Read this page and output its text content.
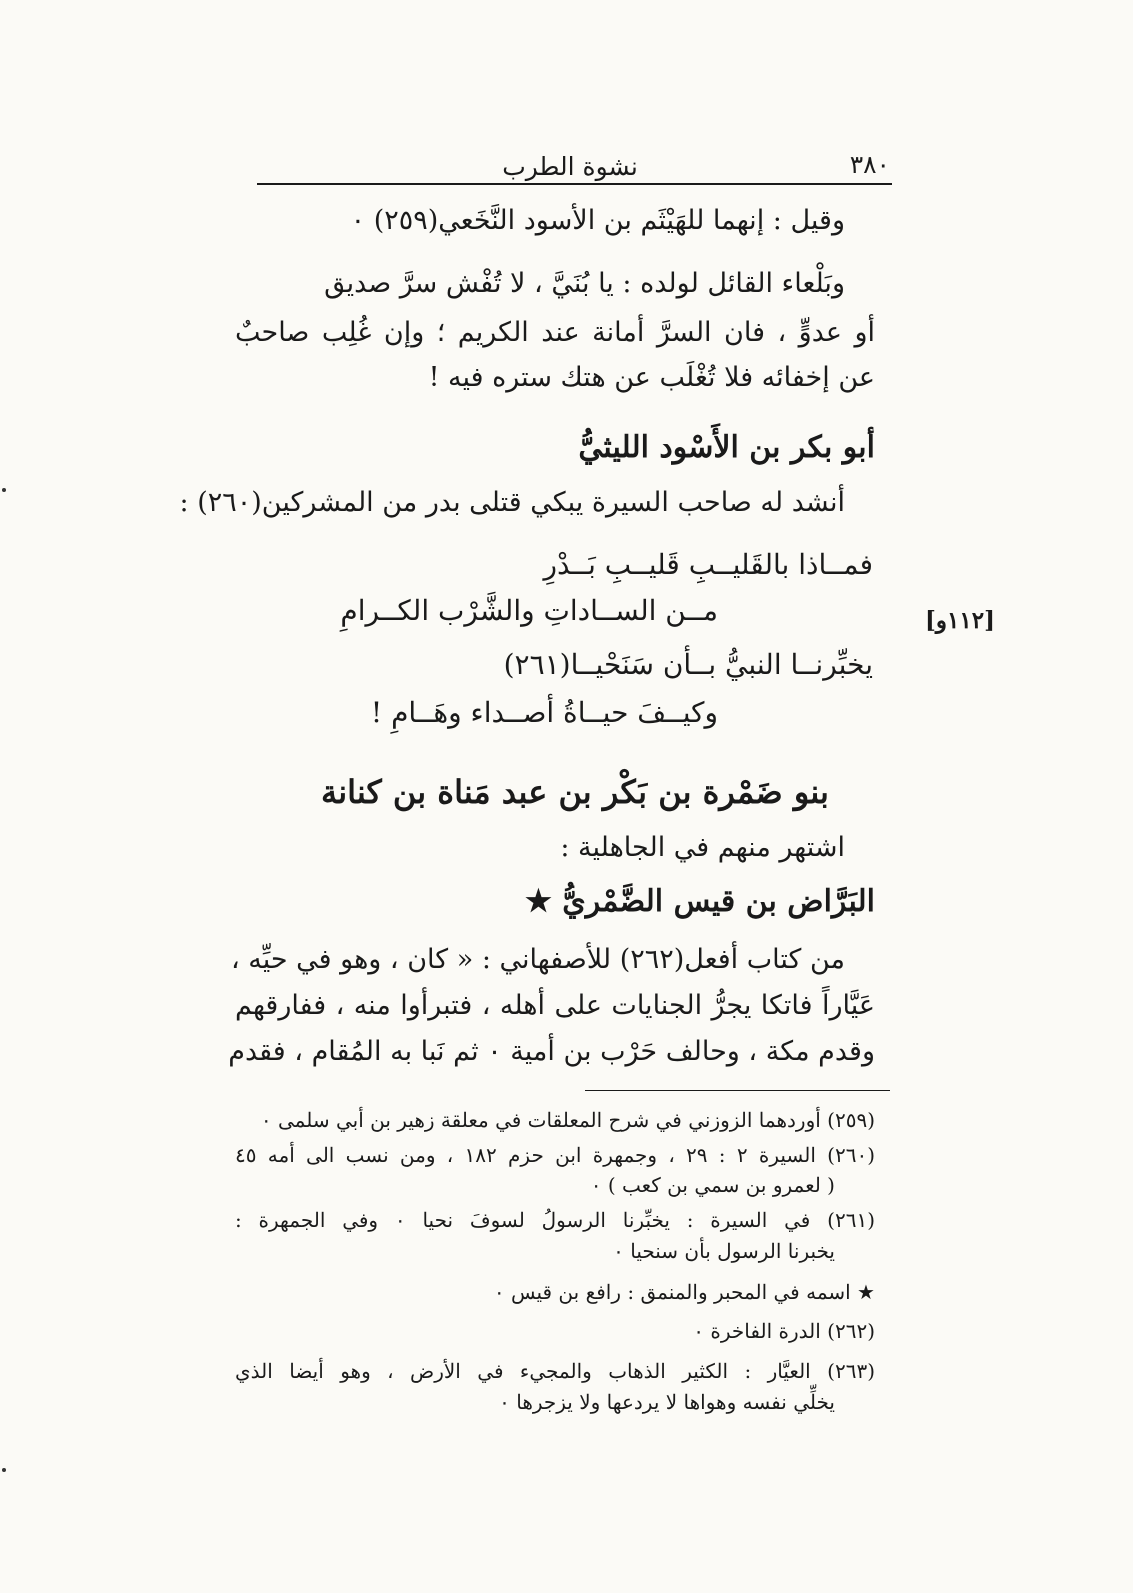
٣٨٠
نشوة الطرب
وقيل : إنهما للهَيْثَم بن الأسود النَّخَعي(٢٥٩) ٠
وبَلْعاء القائل لولده : يا بُنَيَّ ، لا تُفْش سرَّ صديق
أو عدوٍّ ، فان السرَّ أمانة عند الكريم ؛ وإن غُلِب صاحبٌ
عن إخفائه فلا تُغْلَب عن هتك ستره فيه !
أبو بكر بن الأَسْود الليثيُّ
أنشد له صاحب السيرة يبكي قتلى بدر من المشركين(٢٦٠) :
فمــاذا بالقَليــبِ قَليــبِ بَــدْرِ
مــن الســاداتِ والشَّرْب الكــرامِ	[١١٢و]
يخبِّرنــا النبيُّ بــأن سَنَحْيــا(٢٦١)
وكيــفَ حيــاةُ أصــداء وهَــامِ !
بنو ضَمْرة بن بَكْر بن عبد مَناة بن كنانة
اشتهر منهم في الجاهلية :
البَرَّاض بن قيس الضَّمْريُّ ★
من كتاب أفعل(٢٦٢) للأصفهاني : « كان ، وهو في حيِّه ،
عَيَّاراً فاتكا يجرُّ الجنايات على أهله ، فتبرأوا منه ، ففارقهم
وقدم مكة ، وحالف حَرْب بن أمية ٠ ثم نَبا به المُقام ، فقدم
(٢٥٩) أوردهما الزوزني في شرح المعلقات في معلقة زهير بن أبي سلمى ٠
(٢٦٠) السيرة ٢ : ٢٩ ، وجمهرة ابن حزم ١٨٢ ، ومن نسب الى أمه ٤٥
( لعمرو بن سمي بن كعب ) ٠
(٢٦١) في السيرة : يخبِّرنا الرسولُ لسوفَ نحيا ٠ وفي الجمهرة :
يخبرنا الرسول بأن سنحيا ٠
★ اسمه في المحبر والمنمق : رافع بن قيس ٠
(٢٦٢) الدرة الفاخرة ٠
(٢٦٣) العيَّار : الكثير الذهاب والمجيء في الأرض ، وهو أيضا الذي
يخلِّي نفسه وهواها لا يردعها ولا يزجرها ٠
